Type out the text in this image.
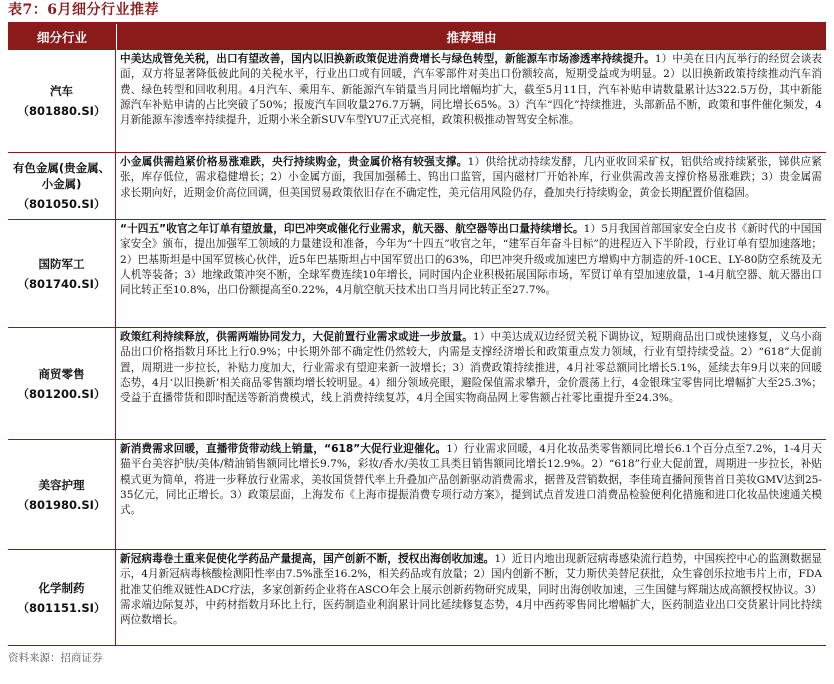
表7：6月细分行业推荐
细分行业	推荐理由
汽车
（801880.SI）
中美达成管免关税，出口有望改善，国内以旧换新政策促进消费增长与绿色转型，新能源车市场渗透率持续提升。1）中美在日内瓦举行的经贸会谈表面，双方将显著降低彼此间的关税水平，行业出口或有回暖，汽车零部件对美出口份额较高，短期受益或为明显。2）以旧换新政策持续推动汽车消费、绿色转型和回收利用。4月汽车、乘用车、新能源汽车销量当月同比增幅均扩大，截至5月11日，汽车补贴申请数量累计达322.5万份，其中新能源汽车补贴申请的占比突破了50%；报废汽车回收量276.7万辆，同比增长65%。3）汽车“四化”持续推进，头部新品不断，政策和事件催化频发，4月新能源车渗透率持续提升，近期小米全新SUV车型YU7正式亮相，政策积极推动智驾安全标准。
有色金属(贵金属、小金属)
（801050.SI）
小金属供需趋紧价格易涨难跌，央行持续购金，贵金属价格有较强支撑。1）供给扰动持续发酵，几内亚收回采矿权，铝供给或持续紧张，锑供应紧张，库存低位，需求稳健增长；2）小金属方面，我国加强稀土、钨出口监管，国内磁材厂开始补库，行业供需改善支撑价格易涨难跌；3）贵金属需求长期向好，近期金价高位回调，但美国贸易政策依旧存在不确定性，美元信用风险仍存，叠加央行持续购金，黄金长期配置价值稳固。
国防军工
（801740.SI）
“十四五”收官之年订单有望放量，印巴冲突或催化行业需求，航天器、航空器等出口量持续增长。1）5月我国首部国家安全白皮书《新时代的中国国家安全》颁布，提出加强军工领域的力量建设和准备，今年为“十四五”收官之年，“建军百年奋斗目标”的进程迈入下半阶段，行业订单有望加速落地；2）巴基斯坦是中国军贸核心伙伴，近5年巴基斯坦占中国军贸出口的63%，印巴冲突升级或加速巴方增购中方制造的歼-10CE、LY-80防空系统及无人机等装备；3）地缘政策冲突不断，全球军费连续10年增长，同时国内企业积极拓展国际市场，军贸订单有望加速放量，1-4月航空器、航天器出口同比转正至10.8%，出口份额提高至0.22%，4月航空航天技术出口当月同比转正至27.7%。
商贸零售
（801200.SI）
政策红利持续释放，供需两端协同发力，大促前置行业需求或进一步放量。1）中美达成双边经贸关税下调协议，短期商品出口或快速修复，义乌小商品出口价格指数月环比上行0.9%；中长期外部不确定性仍然较大，内需是支撑经济增长和政策重点发力领域，行业有望持续受益。2）“618”大促前置，周期进一步拉长，补贴力度加大，行业需求有望迎来新一波增长；3）消费政策持续推进，4月社零总额同比增长5.1%，延续去年9月以来的回暖态势，4月‘以旧换新’相关商品零售额均增长较明显。4）细分领域亮眼，避险保值需求攀升，金价震荡上行，4金银珠宝零售同比增幅扩大至25.3%；受益于直播带货和即时配送等新消费模式，线上消费持续复苏，4月全国实物商品网上零售额占社零比重提升至24.3%。
美容护理
（801980.SI）
新消费需求回暖，直播带货带动线上销量，“618”大促行业迎催化。1）行业需求回暖，4月化妆品类零售额同比增长6.1个百分点至7.2%，1-4月天猫平台美容护肤/美体/精油销售额同比增长9.7%，彩妆/香水/美妆工具类目销售额同比增长12.9%。2）“618”行业大促前置，周期进一步拉长，补贴模式更为简单，将进一步释放行业需求，美妆国货替代率上升叠加产品创新驱动消费需求，据普及营销数据，李佳琦直播间预售首日美妆GMV达到25-35亿元，同比正增长。3）政策层面，上海发布《上海市提振消费专项行动方案》，提到试点首发进口消费品检验便利化措施和进口化妆品快速通关模式。
化学制药
（801151.SI）
新冠病毒卷土重来促使化学药品产量提高，国产创新不断，授权出海创收加速。1）近日内地出现新冠病毒感染流行趋势，中国疾控中心的监测数据显示，4月新冠病毒核酸检测阳性率由7.5%涨至16.2%，相关药品或有放量；2）国内创新不断，艾力斯伏美替尼获批，众生睿创乐拉地韦片上市，FDA批准艾伯维双链性ADC疗法，多家创新药企业将在ASCO年会上展示创新药物研究成果，同时出海创收加速，三生国健与辉瑞达成高额授权协议。3）需求端边际复苏，中药材指数月环比上行，医药制造业利润累计同比延续修复态势，4月中西药零售同比增幅扩大，医药制造业出口交货累计同比持续两位数增长。
资料来源：招商证券
